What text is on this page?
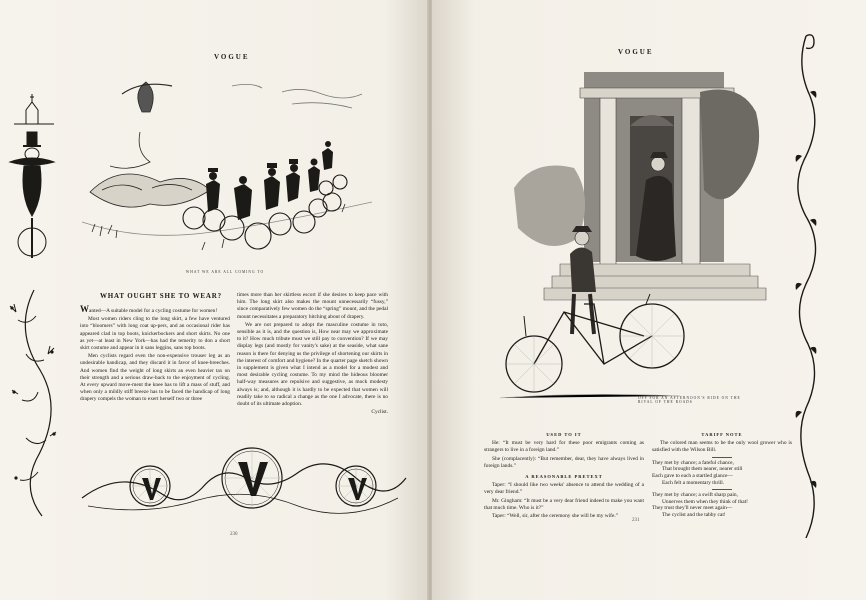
VOGUE
WHAT WE ARE ALL COMING TO
WHAT OUGHT SHE TO WEAR?

Wanted—A suitable model for a cycling costume for women!

Most women riders cling to the long skirt, a few have ventured into “bloomers” with long coat up-pers, and an occasional rider has appeared clad in top boots, knickerbockers and short skirts. No one as yet—at least in New York—has had the temerity to don a short skirt costume and appear in it sans leggins, sans top boots.

Men cyclists regard even the non-expensive trouser leg as an undesirable handicap, and they discard it in favor of knee-breeches. And women find the weight of long skirts an even heavier tax on their strength and a serious draw-back to the enjoyment of cycling. At every upward move-ment the knee has to lift a mass of stuff, and when only a mildly stiff breeze has to be faced the handicap of long drapery compels the woman to exert herself two or three

times more than her skirtless escort if she desires to keep pace with him. The long skirt also makes the mount unnecessarily “fussy,” since comparatively few women do the “spring” mount, and the pedal mount necessitates a preparatory hitching about of drapery.

We are not prepared to adopt the masculine costume in toto, sensible as it is, and the question is, How near may we approximate to it? How much tribute must we still pay to convention? If we may display legs (and mostly for vanity's sake) at the seaside, what sane reason is there for denying us the privilege of shortening our skirts in the interest of comfort and hygiene? In the quarter page sketch shown in supplement is given what I intend as a model for a modest and most desirable cycling costume. To my mind the hideous bloomer half-way measures are repulsive and suggestive, as mock modesty always is; and, although it is hardly to be expected that women will readily take to so radical a change as the one I advocate, there is no doubt of its ultimate adoption.

Cyclist.
230
VOGUE
OFF FOR AN AFTERNOON'S RIDE ON THE RIVAL OF THE ROADS
USED TO IT

He: “It must be very hard for these poor emigrants coming as strangers to live in a foreign land.”

She (complacently): “But remember, dear, they have always lived in foreign lands.”

A REASONABLE PRETEXT

Taper: “I should like two weeks' absence to attend the wedding of a very dear friend.”

Mr. Gingham: “It must be a very dear friend indeed to make you want that much time. Who is it?”

Taper: “Well, sir, after the ceremony she will be my wife.”

TARIFF NOTE

The colored man seems to be the only wool grower who is satisfied with the Wilson Bill.

They met by chance; a fateful chance,
That brought them nearer, nearer still
Each gave to each a startled glance—
Each felt a momentary thrill.
They met by chance; a swift sharp pain,
Unnerves them when they think of that!
They trust they'll never meet again—
The cyclist and the tabby cat!
231
